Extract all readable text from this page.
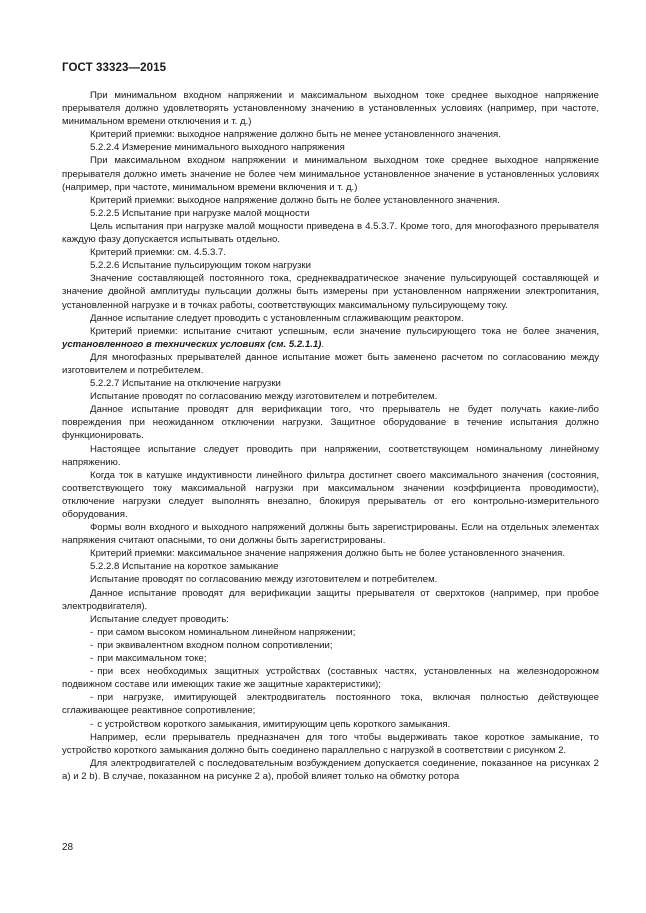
ГОСТ 33323—2015

При минимальном входном напряжении и максимальном выходном токе среднее выходное напряжение прерывателя должно удовлетворять установленному значению в установленных условиях (например, при частоте, минимальном времени отключения и т. д.)

Критерий приемки: выходное напряжение должно быть не менее установленного значения.

5.2.2.4 Измерение минимального выходного напряжения

При максимальном входном напряжении и минимальном выходном токе среднее выходное напряжение прерывателя должно иметь значение не более чем минимальное установленное значение в установленных условиях (например, при частоте, минимальном времени включения и т. д.)

Критерий приемки: выходное напряжение должно быть не более установленного значения.

5.2.2.5 Испытание при нагрузке малой мощности

Цель испытания при нагрузке малой мощности приведена в 4.5.3.7. Кроме того, для многофазного прерывателя каждую фазу допускается испытывать отдельно.

Критерий приемки: см. 4.5.3.7.

5.2.2.6 Испытание пульсирующим током нагрузки

Значение составляющей постоянного тока, среднеквадратическое значение пульсирующей составляющей и значение двойной амплитуды пульсации должны быть измерены при установленном напряжении электропитания, установленной нагрузке и в точках работы, соответствующих максимальному пульсирующему току.

Данное испытание следует проводить с установленным сглаживающим реактором.

Критерий приемки: испытание считают успешным, если значение пульсирующего тока не более значения, установленного в технических условиях (см. 5.2.1.1).

Для многофазных прерывателей данное испытание может быть заменено расчетом по согласованию между изготовителем и потребителем.

5.2.2.7 Испытание на отключение нагрузки

Испытание проводят по согласованию между изготовителем и потребителем.

Данное испытание проводят для верификации того, что прерыватель не будет получать какие-либо повреждения при неожиданном отключении нагрузки. Защитное оборудование в течение испытания должно функционировать.

Настоящее испытание следует проводить при напряжении, соответствующем номинальному линейному напряжению.

Когда ток в катушке индуктивности линейного фильтра достигнет своего максимального значения (состояния, соответствующего току максимальной нагрузки при максимальном значении коэффициента проводимости), отключение нагрузки следует выполнять внезапно, блокируя прерыватель от его контрольно-измерительного оборудования.

Формы волн входного и выходного напряжений должны быть зарегистрированы. Если на отдельных элементах напряжения считают опасными, то они должны быть зарегистрированы.

Критерий приемки: максимальное значение напряжения должно быть не более установленного значения.

5.2.2.8 Испытание на короткое замыкание

Испытание проводят по согласованию между изготовителем и потребителем.

Данное испытание проводят для верификации защиты прерывателя от сверхтоков (например, при пробое электродвигателя).

Испытание следует проводить:

- при самом высоком номинальном линейном напряжении;

- при эквивалентном входном полном сопротивлении;

- при максимальном токе;

- при всех необходимых защитных устройствах (составных частях, установленных на железнодорожном подвижном составе или имеющих такие же защитные характеристики);

- при нагрузке, имитирующей электродвигатель постоянного тока, включая полностью действующее сглаживающее реактивное сопротивление;

- с устройством короткого замыкания, имитирующим цепь короткого замыкания.

Например, если прерыватель предназначен для того чтобы выдерживать такое короткое замыкание, то устройство короткого замыкания должно быть соединено параллельно с нагрузкой в соответствии с рисунком 2.

Для электродвигателей с последовательным возбуждением допускается соединение, показанное на рисунках 2 а) и 2 b). В случае, показанном на рисунке 2 а), пробой влияет только на обмотку ротора

28
